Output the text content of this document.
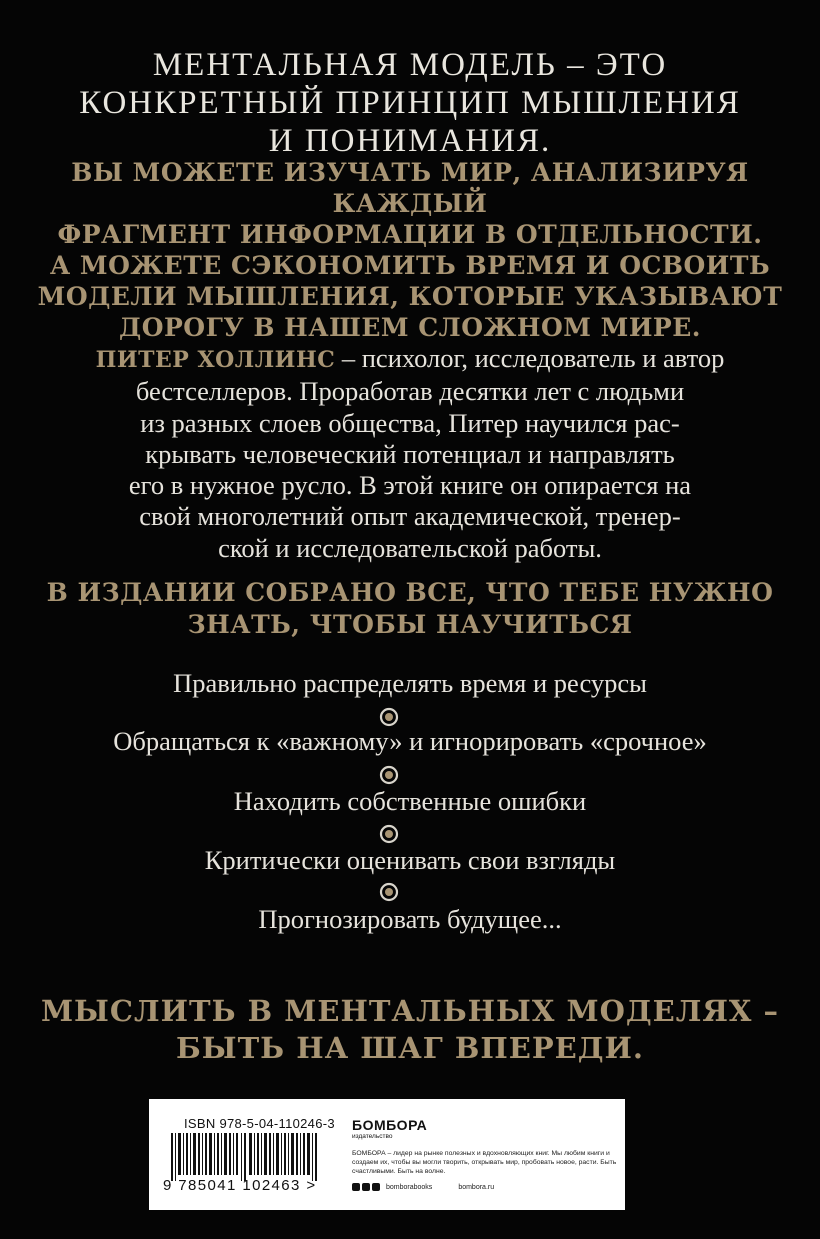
МЕНТАЛЬНАЯ МОДЕЛЬ – ЭТО
КОНКРЕТНЫЙ ПРИНЦИП МЫШЛЕНИЯ
И ПОНИМАНИЯ.
ВЫ МОЖЕТЕ ИЗУЧАТЬ МИР, АНАЛИЗИРУЯ КАЖДЫЙ
ФРАГМЕНТ ИНФОРМАЦИИ В ОТДЕЛЬНОСТИ.
А МОЖЕТЕ СЭКОНОМИТЬ ВРЕМЯ И ОСВОИТЬ
МОДЕЛИ МЫШЛЕНИЯ, КОТОРЫЕ УКАЗЫВАЮТ
ДОРОГУ В НАШЕМ СЛОЖНОМ МИРЕ.
ПИТЕР ХОЛЛИНС – психолог, исследователь и автор
бестселлеров. Проработав десятки лет с людьми
из разных слоев общества, Питер научился рас-
крывать человеческий потенциал и направлять
его в нужное русло. В этой книге он опирается на
свой многолетний опыт академической, тренер-
ской и исследовательской работы.
В ИЗДАНИИ СОБРАНО ВСЕ, ЧТО ТЕБЕ НУЖНО
ЗНАТЬ, ЧТОБЫ НАУЧИТЬСЯ
Правильно распределять время и ресурсы
Обращаться к «важному» и игнорировать «срочное»
Находить собственные ошибки
Критически оценивать свои взгляды
Прогнозировать будущее...
МЫСЛИТЬ В МЕНТАЛЬНЫХ МОДЕЛЯХ –
БЫТЬ НА ШАГ ВПЕРЕДИ.
ISBN 978-5-04-110246-3
9 785041 102463 >
БОМБОРА
издательство
БОМБОРА – лидер на рынке полезных и вдохновляющих книг. Мы любим книги и создаем их, чтобы вы могли творить, открывать мир, пробовать новое, расти. Быть счастливыми. Быть на волне.
bomborabooks	bombora.ru
